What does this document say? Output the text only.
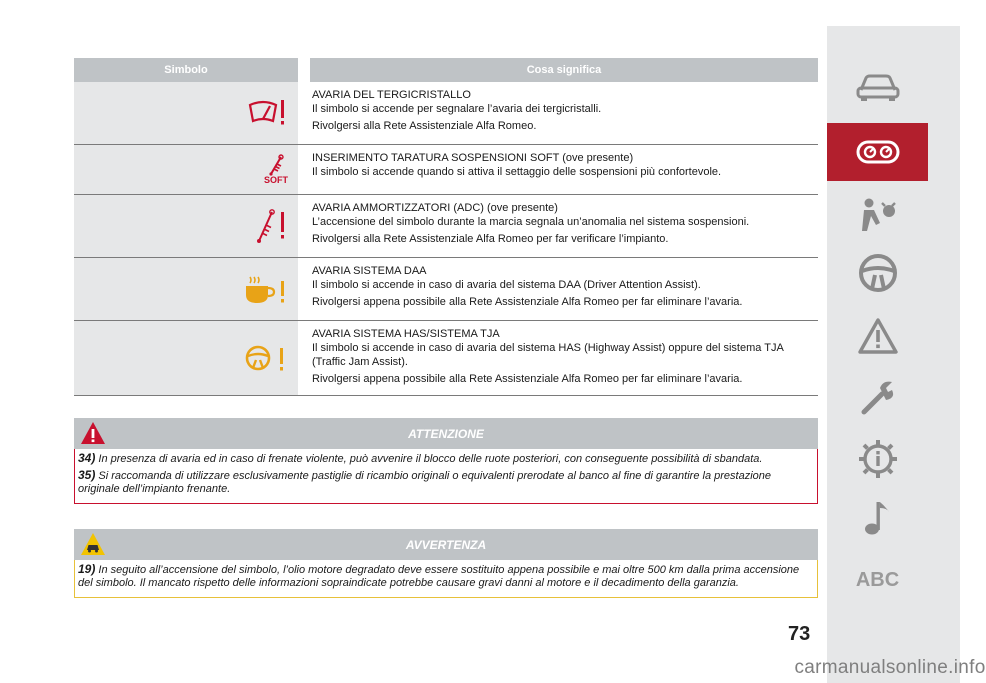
Simbolo	Cosa significa

AVARIA DEL TERGICRISTALLO

Il simbolo si accende per segnalare l’avaria dei tergicristalli.

Rivolgersi alla Rete Assistenziale Alfa Romeo.

SOFT

INSERIMENTO TARATURA SOSPENSIONI SOFT (ove presente)

Il simbolo si accende quando si attiva il settaggio delle sospensioni più confortevole.

AVARIA AMMORTIZZATORI (ADC) (ove presente)

L’accensione del simbolo durante la marcia segnala un’anomalia nel sistema sospensioni.

Rivolgersi alla Rete Assistenziale Alfa Romeo per far verificare l’impianto.

AVARIA SISTEMA DAA

Il simbolo si accende in caso di avaria del sistema DAA (Driver Attention Assist).

Rivolgersi appena possibile alla Rete Assistenziale Alfa Romeo per far eliminare l’avaria.

AVARIA SISTEMA HAS/SISTEMA TJA

Il simbolo si accende in caso di avaria del sistema HAS (Highway Assist) oppure del sistema TJA (Traffic Jam Assist).

Rivolgersi appena possibile alla Rete Assistenziale Alfa Romeo per far eliminare l’avaria.

ATTENZIONE

34) In presenza di avaria ed in caso di frenate violente, può avvenire il blocco delle ruote posteriori, con conseguente possibilità di sbandata.

35) Si raccomanda di utilizzare esclusivamente pastiglie di ricambio originali o equivalenti prerodate al banco al fine di garantire la prestazione originale dell’impianto frenante.

AVVERTENZA

19) In seguito all’accensione del simbolo, l’olio motore degradato deve essere sostituito appena possibile e mai oltre 500 km dalla prima accensione del simbolo. Il mancato rispetto delle informazioni sopraindicate potrebbe causare gravi danni al motore e il decadimento della garanzia.	ABC
73
carmanualsonline.info
